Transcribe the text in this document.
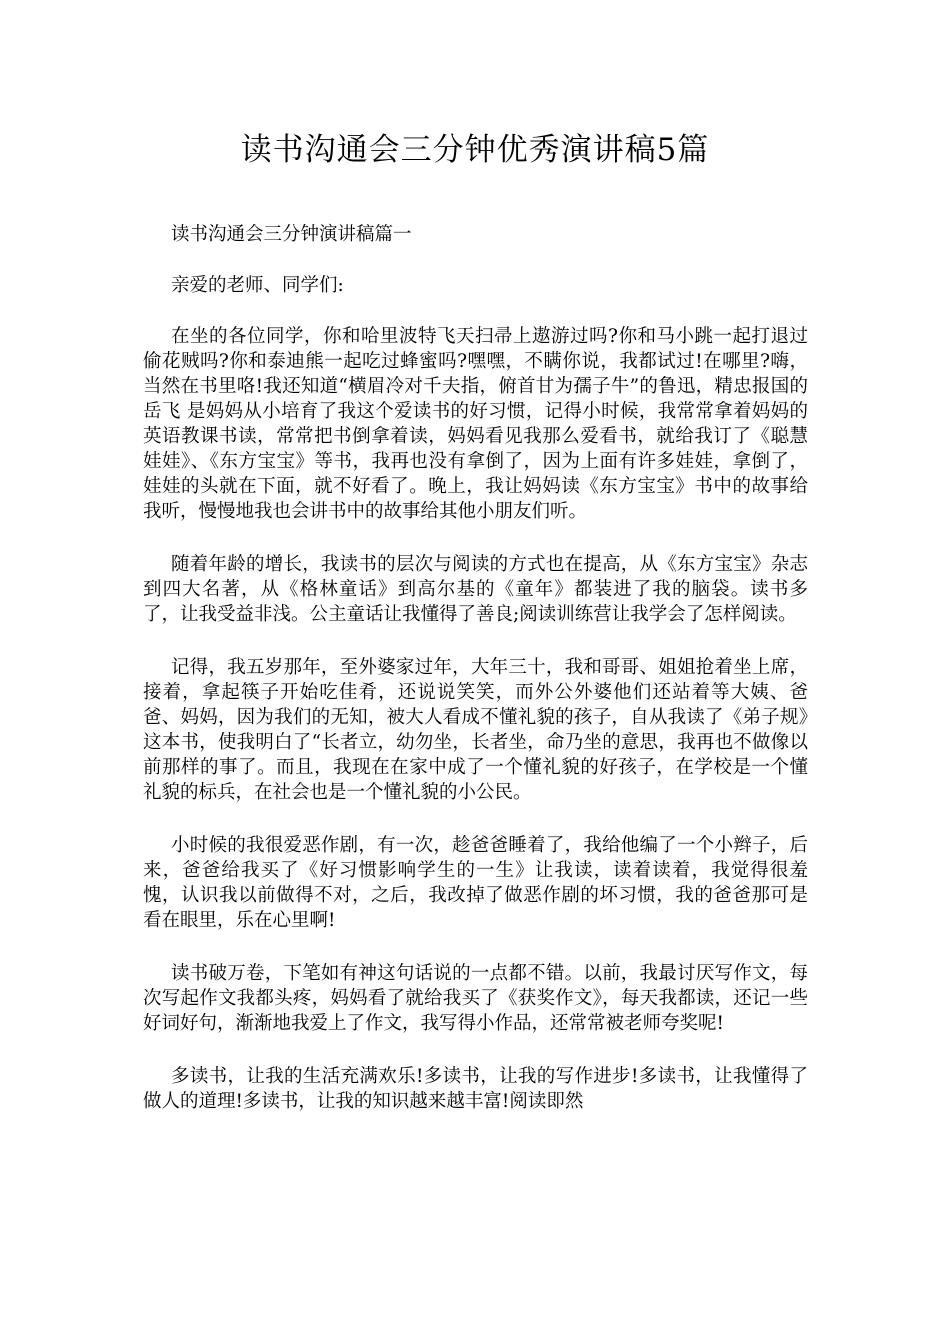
读书沟通会三分钟优秀演讲稿5篇

读书沟通会三分钟演讲稿篇一

亲爱的老师、同学们:

在坐的各位同学，你和哈里波特飞天扫帚上遨游过吗?你和马小跳一起打退过偷花贼吗?你和泰迪熊一起吃过蜂蜜吗?嘿嘿，不瞒你说，我都试过!在哪里?嗨，当然在书里咯!我还知道“横眉冷对千夫指，俯首甘为孺子牛”的鲁迅，精忠报国的岳飞 是妈妈从小培育了我这个爱读书的好习惯，记得小时候，我常常拿着妈妈的英语教课书读，常常把书倒拿着读，妈妈看见我那么爱看书，就给我订了《聪慧娃娃》、《东方宝宝》等书，我再也没有拿倒了，因为上面有许多娃娃，拿倒了，娃娃的头就在下面，就不好看了。晚上，我让妈妈读《东方宝宝》书中的故事给我听，慢慢地我也会讲书中的故事给其他小朋友们听。

随着年龄的增长，我读书的层次与阅读的方式也在提高，从《东方宝宝》杂志到四大名著，从《格林童话》到高尔基的《童年》都装进了我的脑袋。读书多了，让我受益非浅。公主童话让我懂得了善良;阅读训练营让我学会了怎样阅读。

记得，我五岁那年，至外婆家过年，大年三十，我和哥哥、姐姐抢着坐上席，接着，拿起筷子开始吃佳肴，还说说笑笑，而外公外婆他们还站着等大姨、爸爸、妈妈，因为我们的无知，被大人看成不懂礼貌的孩子，自从我读了《弟子规》这本书，使我明白了“长者立，幼勿坐，长者坐，命乃坐的意思，我再也不做像以前那样的事了。而且，我现在在家中成了一个懂礼貌的好孩子，在学校是一个懂礼貌的标兵，在社会也是一个懂礼貌的小公民。

小时候的我很爱恶作剧，有一次，趁爸爸睡着了，我给他编了一个小辫子，后来，爸爸给我买了《好习惯影响学生的一生》让我读，读着读着，我觉得很羞愧，认识我以前做得不对，之后，我改掉了做恶作剧的坏习惯，我的爸爸那可是看在眼里，乐在心里啊!

读书破万卷，下笔如有神这句话说的一点都不错。以前，我最讨厌写作文，每次写起作文我都头疼，妈妈看了就给我买了《获奖作文》，每天我都读，还记一些好词好句，渐渐地我爱上了作文，我写得小作品，还常常被老师夸奖呢!

多读书，让我的生活充满欢乐!多读书，让我的写作进步!多读书，让我懂得了做人的道理!多读书，让我的知识越来越丰富!阅读即然
